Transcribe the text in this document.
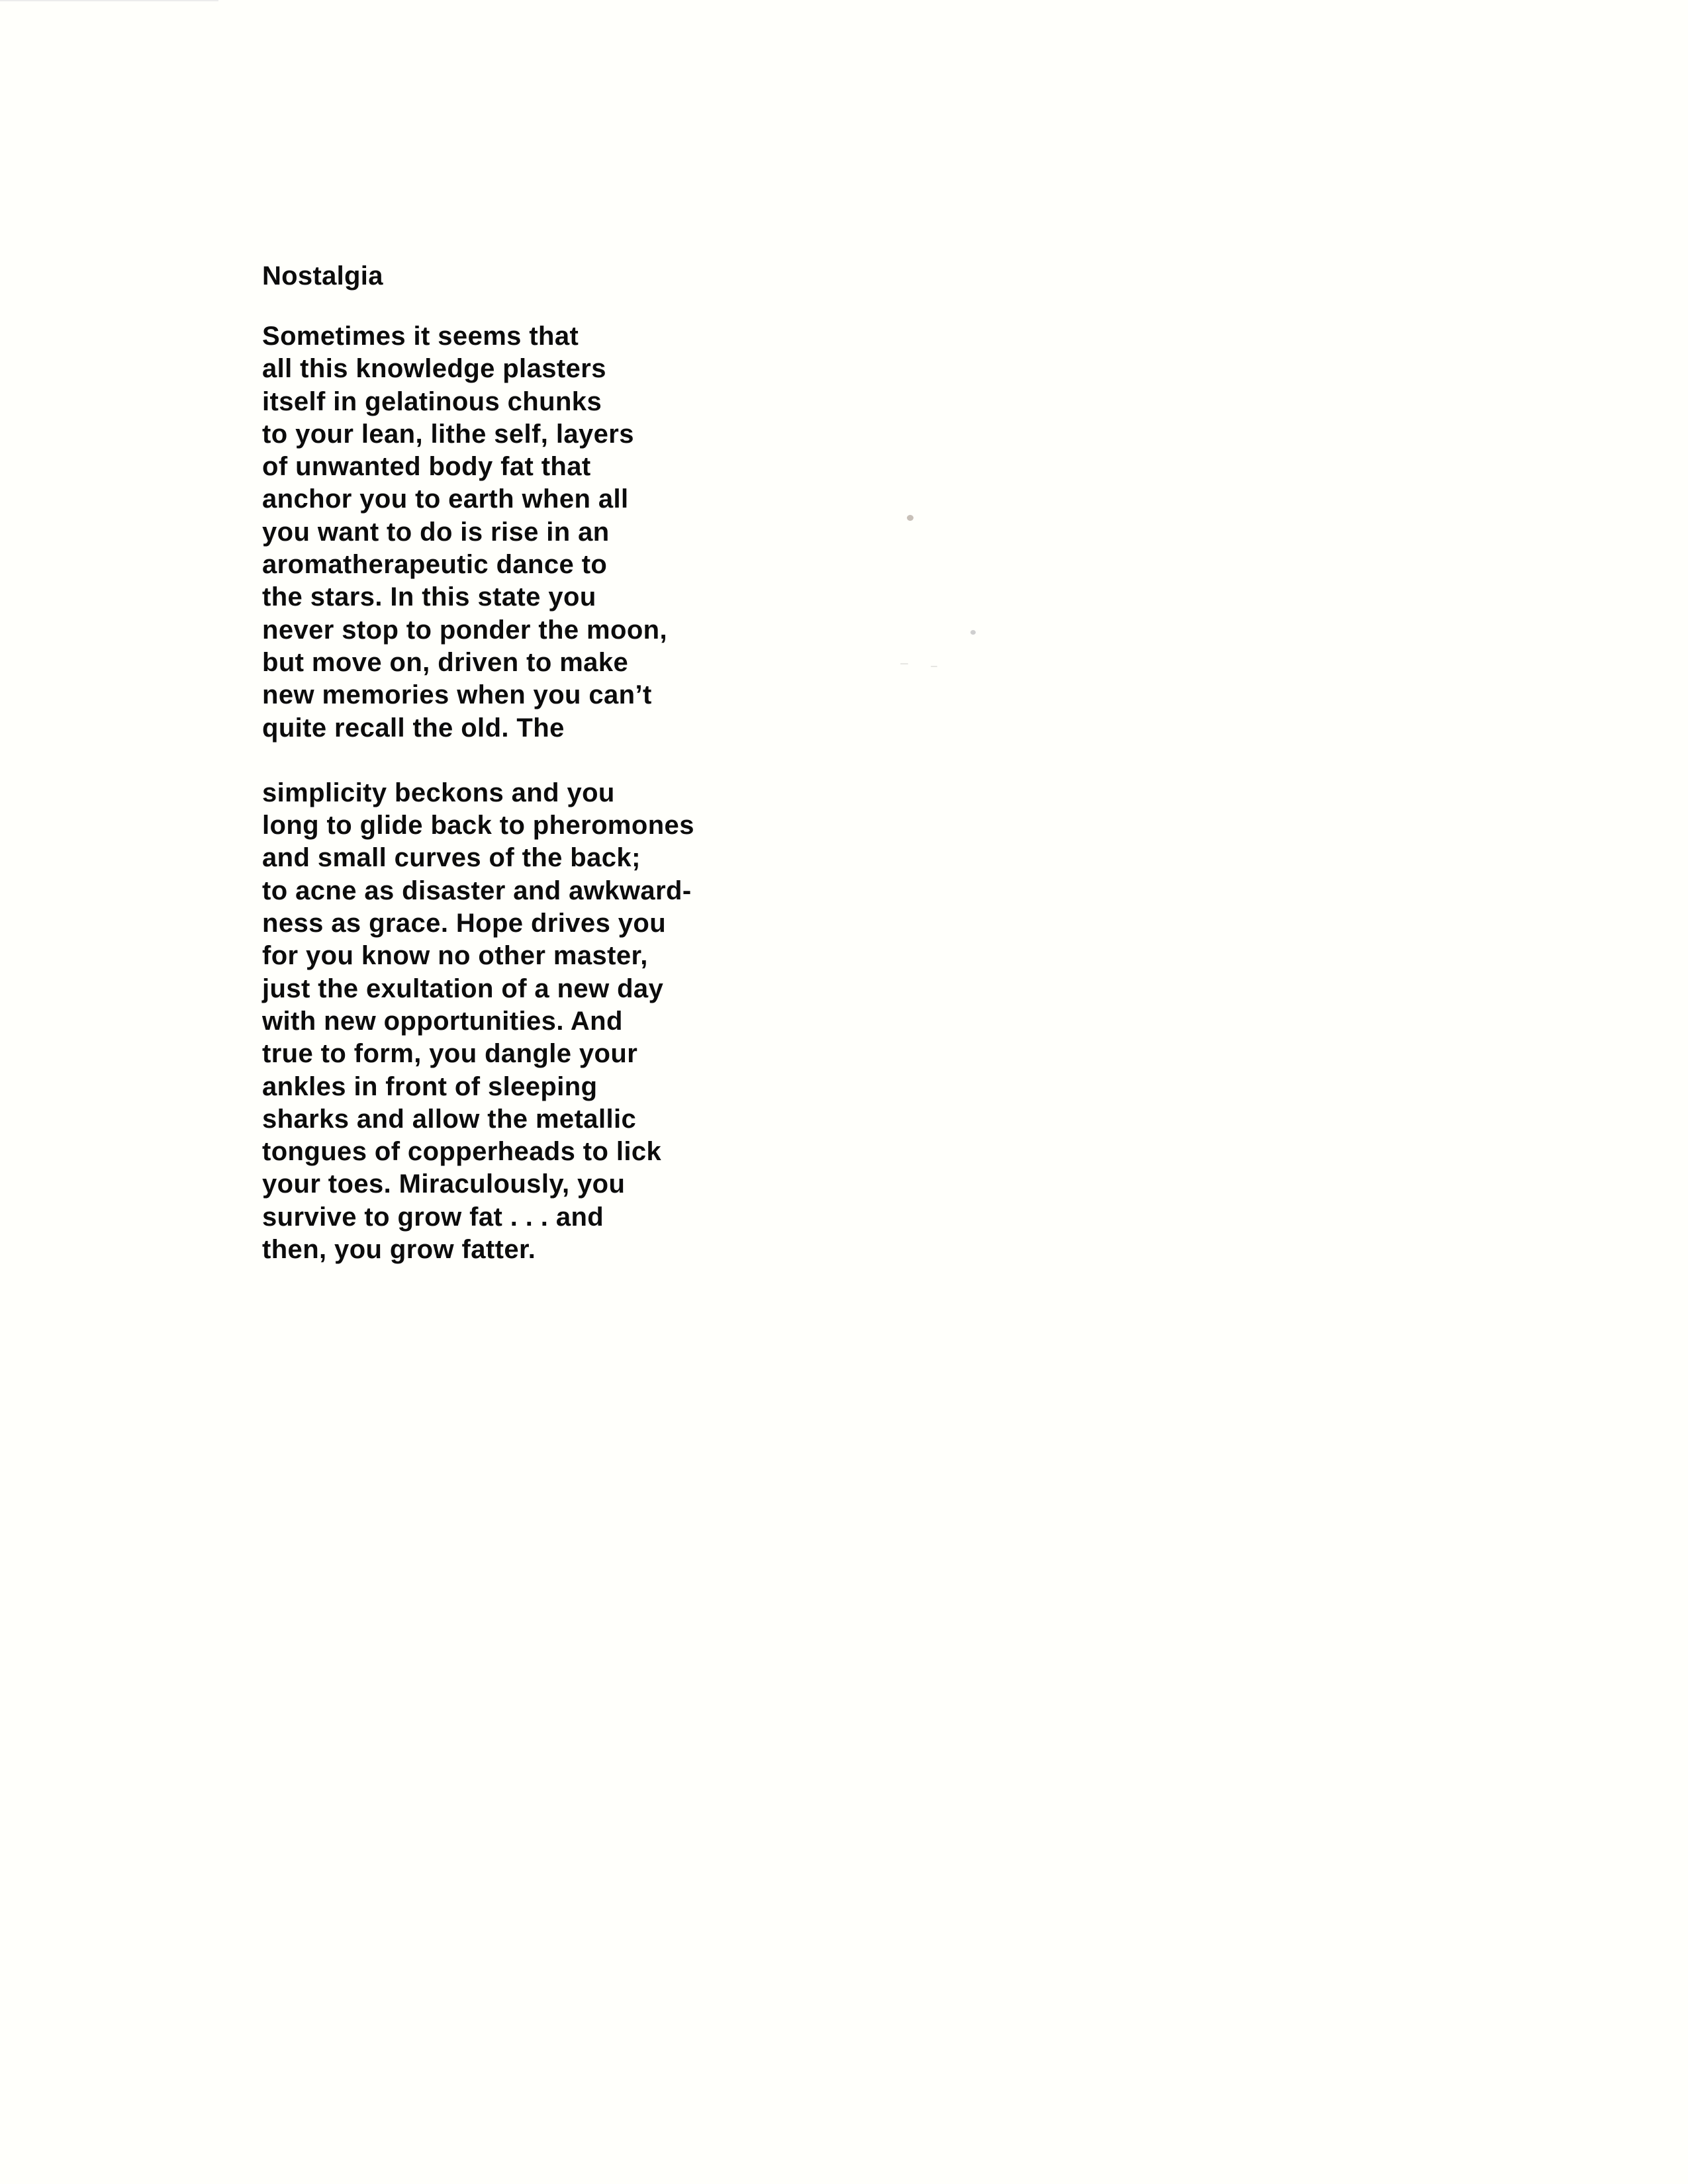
Nostalgia
Sometimes it seems that
all this knowledge plasters
itself in gelatinous chunks
to your lean, lithe self, layers
of unwanted body fat that
anchor you to earth when all
you want to do is rise in an
aromatherapeutic dance to
the stars. In this state you
never stop to ponder the moon,
but move on, driven to make
new memories when you can’t
quite recall the old. The
simplicity beckons and you
long to glide back to pheromones
and small curves of the back;
to acne as disaster and awkward-
ness as grace. Hope drives you
for you know no other master,
just the exultation of a new day
with new opportunities. And
true to form, you dangle your
ankles in front of sleeping
sharks and allow the metallic
tongues of copperheads to lick
your toes. Miraculously, you
survive to grow fat . . . and
then, you grow fatter.
